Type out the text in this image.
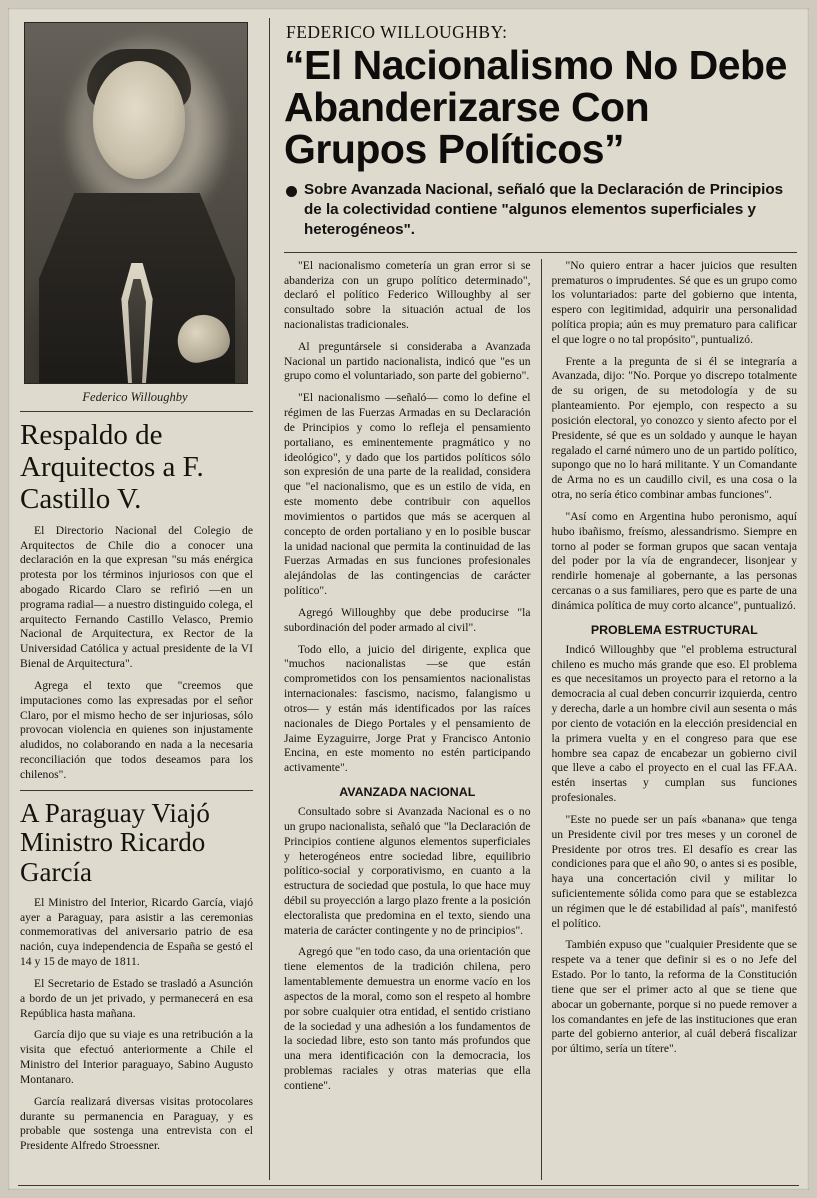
Federico Willoughby
Respaldo de Arquitectos a F. Castillo V.

El Directorio Nacional del Colegio de Arquitectos de Chile dio a conocer una declaración en la que expresan "su más enérgica protesta por los términos injuriosos con que el abogado Ricardo Claro se refirió —en un programa radial— a nuestro distinguido colega, el arquitecto Fernando Castillo Velasco, Premio Nacional de Arquitectura, ex Rector de la Universidad Católica y actual presidente de la VI Bienal de Arquitectura".

Agrega el texto que "creemos que imputaciones como las expresadas por el señor Claro, por el mismo hecho de ser injuriosas, sólo provocan violencia en quienes son injustamente aludidos, no colaborando en nada a la necesaria reconciliación que todos deseamos para los chilenos".

A Paraguay Viajó Ministro Ricardo García

El Ministro del Interior, Ricardo García, viajó ayer a Paraguay, para asistir a las ceremonias conmemorativas del aniversario patrio de esa nación, cuya independencia de España se gestó el 14 y 15 de mayo de 1811.

El Secretario de Estado se trasladó a Asunción a bordo de un jet privado, y permanecerá en esa República hasta mañana.

García dijo que su viaje es una retribución a la visita que efectuó anteriormente a Chile el Ministro del Interior paraguayo, Sabino Augusto Montanaro.

García realizará diversas visitas protocolares durante su permanencia en Paraguay, y es probable que sostenga una entrevista con el Presidente Alfredo Stroessner.

FEDERICO WILLOUGHBY:
“El Nacionalismo No Debe Abanderizarse Con Grupos Políticos”
Sobre Avanzada Nacional, señaló que la Declaración de Principios de la colectividad contiene "algunos elementos superficiales y heterogéneos".

"El nacionalismo cometería un gran error si se abanderiza con un grupo político determinado", declaró el político Federico Willoughby al ser consultado sobre la situación actual de los nacionalistas tradicionales.

Al preguntársele si consideraba a Avanzada Nacional un partido nacionalista, indicó que "es un grupo como el voluntariado, son parte del gobierno".

"El nacionalismo —señaló— como lo define el régimen de las Fuerzas Armadas en su Declaración de Principios y como lo refleja el pensamiento portaliano, es eminentemente pragmático y no ideológico", y dado que los partidos políticos sólo son expresión de una parte de la realidad, considera que "el nacionalismo, que es un estilo de vida, en este momento debe contribuir con aquellos movimientos o partidos que más se acerquen al concepto de orden portaliano y en lo posible buscar la unidad nacional que permita la continuidad de las Fuerzas Armadas en sus funciones profesionales alejándolas de las contingencias de carácter político".

Agregó Willoughby que debe producirse "la subordinación del poder armado al civil".

Todo ello, a juicio del dirigente, explica que "muchos nacionalistas —se que están comprometidos con los pensamientos nacionalistas internacionales: fascismo, nacismo, falangismo u otros— y están más identificados por las raíces nacionales de Diego Portales y el pensamiento de Jaime Eyzaguirre, Jorge Prat y Francisco Antonio Encina, en este momento no estén participando activamente".

AVANZADA NACIONAL

Consultado sobre si Avanzada Nacional es o no un grupo nacionalista, señaló que "la Declaración de Principios contiene algunos elementos superficiales y heterogéneos entre sociedad libre, equilibrio político-social y corporativismo, en cuanto a la estructura de sociedad que postula, lo que hace muy débil su proyección a largo plazo frente a la posición electoralista que predomina en el texto, siendo una materia de carácter contingente y no de principios".

Agregó que "en todo caso, da una orientación que tiene elementos de la tradición chilena, pero lamentablemente demuestra un enorme vacío en los aspectos de la moral, como son el respeto al hombre por sobre cualquier otra entidad, el sentido cristiano de la sociedad y una adhesión a los fundamentos de la sociedad libre, esto son tanto más profundos que una mera identificación con la democracia, los problemas raciales y otras materias que ella contiene".

"No quiero entrar a hacer juicios que resulten prematuros o imprudentes. Sé que es un grupo como los voluntariados: parte del gobierno que intenta, espero con legitimidad, adquirir una personalidad política propia; aún es muy prematuro para calificar el que logre o no tal propósito", puntualizó.

Frente a la pregunta de si él se integraría a Avanzada, dijo: "No. Porque yo discrepo totalmente de su origen, de su metodología y de su planteamiento. Por ejemplo, con respecto a su posición electoral, yo conozco y siento afecto por el Presidente, sé que es un soldado y aunque le hayan regalado el carné número uno de un partido político, supongo que no lo hará militante. Y un Comandante de Arma no es un caudillo civil, es una cosa o la otra, no sería ético combinar ambas funciones".

"Así como en Argentina hubo peronismo, aquí hubo ibañismo, freísmo, alessandrismo. Siempre en torno al poder se forman grupos que sacan ventaja del poder por la vía de engrandecer, lisonjear y rendirle homenaje al gobernante, a las personas cercanas o a sus familiares, pero que es parte de una dinámica política de muy corto alcance", puntualizó.

PROBLEMA ESTRUCTURAL

Indicó Willoughby que "el problema estructural chileno es mucho más grande que eso. El problema es que necesitamos un proyecto para el retorno a la democracia al cual deben concurrir izquierda, centro y derecha, darle a un hombre civil aun sesenta o más por ciento de votación en la elección presidencial en la primera vuelta y en el congreso para que ese hombre sea capaz de encabezar un gobierno civil que lleve a cabo el proyecto en el cual las FF.AA. estén insertas y cumplan sus funciones profesionales.

"Este no puede ser un país «banana» que tenga un Presidente civil por tres meses y un coronel de Presidente por otros tres. El desafío es crear las condiciones para que el año 90, o antes si es posible, haya una concertación civil y militar lo suficientemente sólida como para que se establezca un régimen que le dé estabilidad al país", manifestó el político.

También expuso que "cualquier Presidente que se respete va a tener que definir si es o no Jefe del Estado. Por lo tanto, la reforma de la Constitución tiene que ser el primer acto al que se tiene que abocar un gobernante, porque si no puede remover a los comandantes en jefe de las instituciones que eran parte del gobierno anterior, al cuál deberá fiscalizar por último, sería un títere".
